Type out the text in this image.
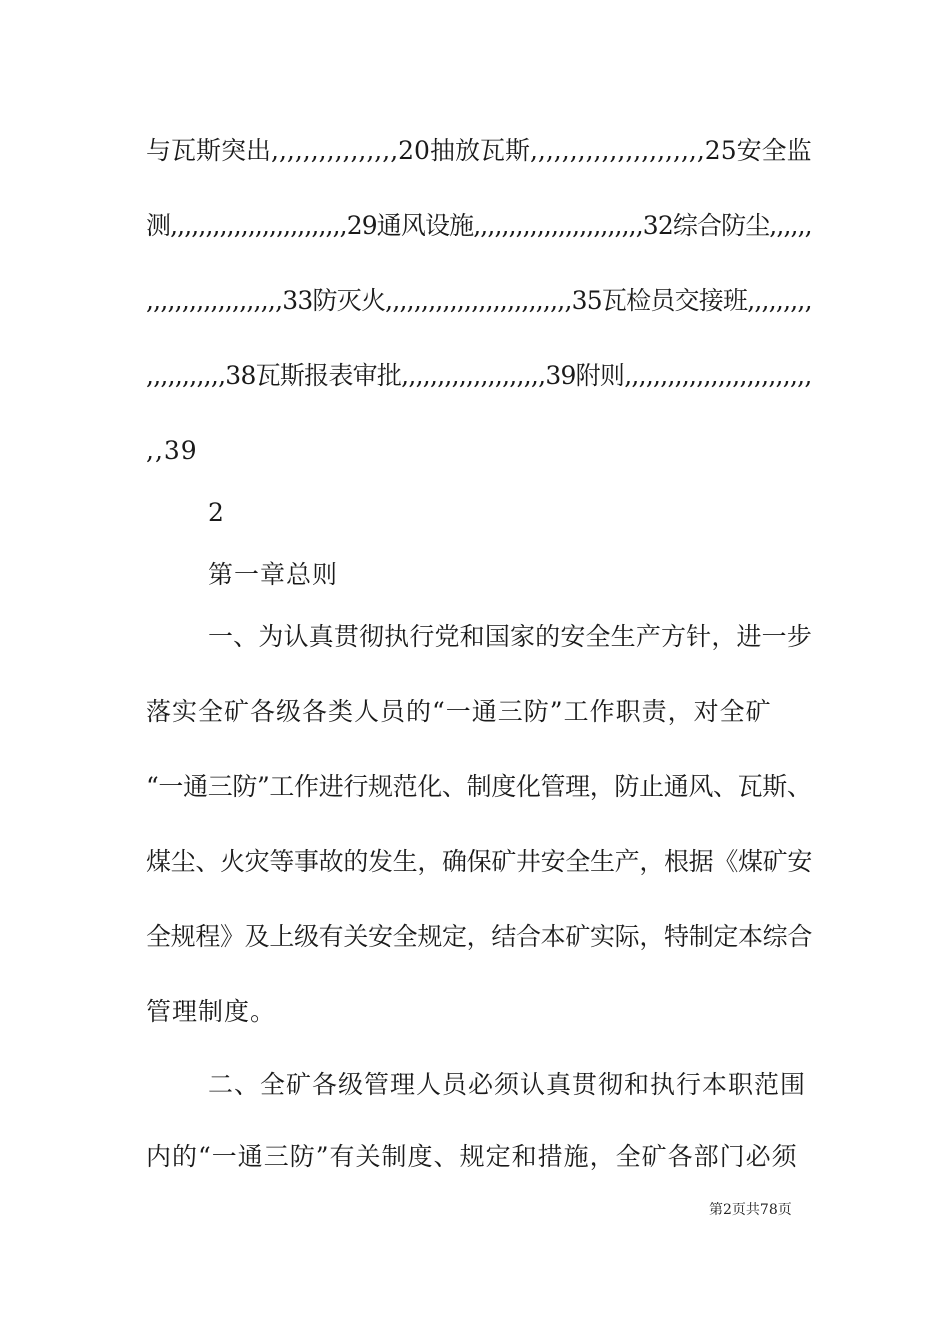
与瓦斯突出,,,,,,,,,,,,,,,,20抽放瓦斯,,,,,,,,,,,,,,,,,,,,,,25安全监
测,,,,,,,,,,,,,,,,,,,,,,,,,29通风设施,,,,,,,,,,,,,,,,,,,,,,,,32综合防尘,,,,,,
,,,,,,,,,,,,,,,,,,,33防灭火,,,,,,,,,,,,,,,,,,,,,,,,,,35瓦检员交接班,,,,,,,,,
,,,,,,,,,,,38瓦斯报表审批,,,,,,,,,,,,,,,,,,,,39附则,,,,,,,,,,,,,,,,,,,,,,,,,,
,,39
2
第一章总则
一、为认真贯彻执行党和国家的安全生产方针，进一步
落实全矿各级各类人员的“一通三防”工作职责，对全矿
“一通三防”工作进行规范化、制度化管理，防止通风、瓦斯、
煤尘、火灾等事故的发生，确保矿井安全生产，根据《煤矿安
全规程》及上级有关安全规定，结合本矿实际，特制定本综合
管理制度。
二、全矿各级管理人员必须认真贯彻和执行本职范围
内的“一通三防”有关制度、规定和措施，全矿各部门必须
第2页共78页
